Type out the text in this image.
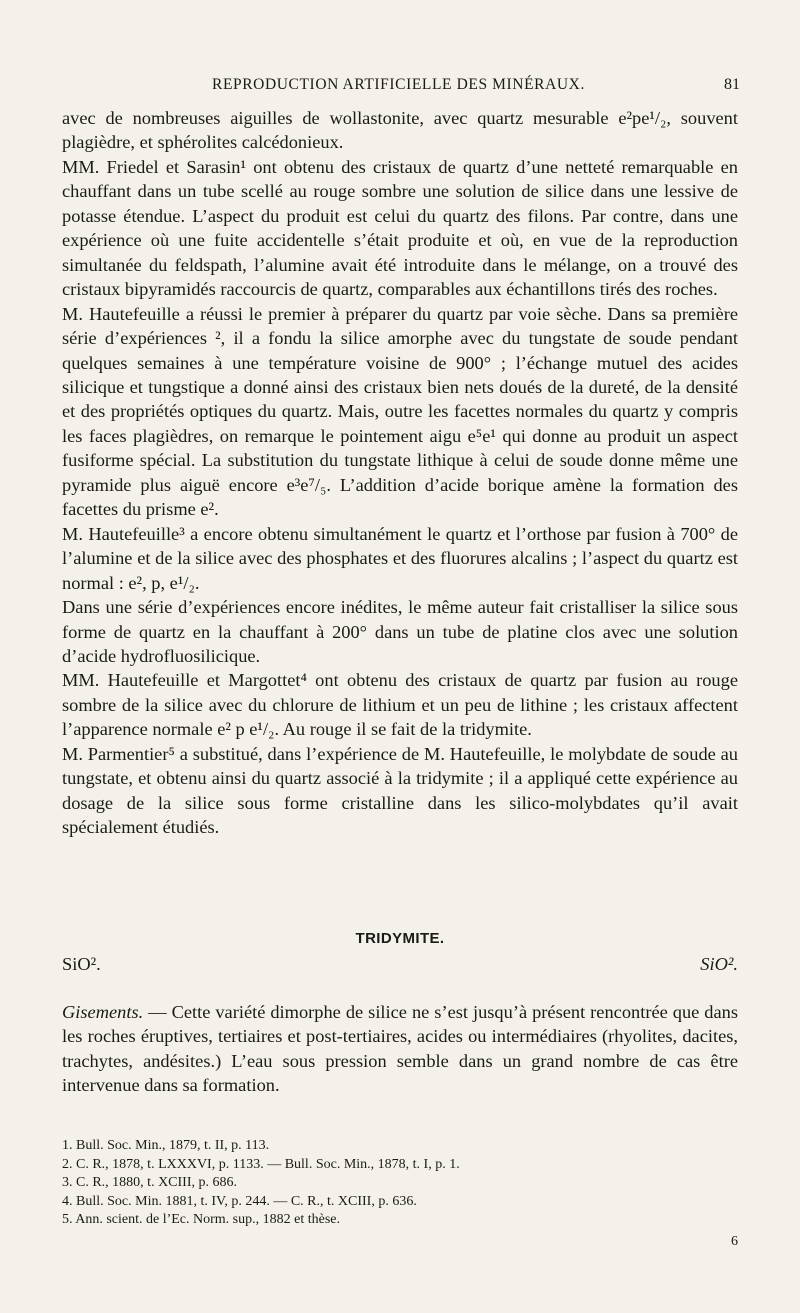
REPRODUCTION ARTIFICIELLE DES MINÉRAUX.	81

avec de nombreuses aiguilles de wollastonite, avec quartz mesurable e²pe¹/₂, souvent plagièdre, et sphérolites calcédonieux.

MM. Friedel et Sarasin¹ ont obtenu des cristaux de quartz d’une netteté remarquable en chauffant dans un tube scellé au rouge sombre une solution de silice dans une lessive de potasse étendue. L’aspect du produit est celui du quartz des filons. Par contre, dans une expérience où une fuite accidentelle s’était produite et où, en vue de la reproduction simultanée du feldspath, l’alumine avait été introduite dans le mélange, on a trouvé des cristaux bipyramidés raccourcis de quartz, comparables aux échantillons tirés des roches.

M. Hautefeuille a réussi le premier à préparer du quartz par voie sèche. Dans sa première série d’expériences ², il a fondu la silice amorphe avec du tungstate de soude pendant quelques semaines à une température voisine de 900° ; l’échange mutuel des acides silicique et tungstique a donné ainsi des cristaux bien nets doués de la dureté, de la densité et des propriétés optiques du quartz. Mais, outre les facettes normales du quartz y compris les faces plagièdres, on remarque le pointement aigu e⁵e¹ qui donne au produit un aspect fusiforme spécial. La substitution du tungstate lithique à celui de soude donne même une pyramide plus aiguë encore e³e⁷/₅. L’addition d’acide borique amène la formation des facettes du prisme e².

M. Hautefeuille³ a encore obtenu simultanément le quartz et l’orthose par fusion à 700° de l’alumine et de la silice avec des phosphates et des fluorures alcalins ; l’aspect du quartz est normal : e², p, e¹/₂.

Dans une série d’expériences encore inédites, le même auteur fait cristalliser la silice sous forme de quartz en la chauffant à 200° dans un tube de platine clos avec une solution d’acide hydrofluosilicique.

MM. Hautefeuille et Margottet⁴ ont obtenu des cristaux de quartz par fusion au rouge sombre de la silice avec du chlorure de lithium et un peu de lithine ; les cristaux affectent l’apparence normale e² p e¹/₂. Au rouge il se fait de la tridymite.

M. Parmentier⁵ a substitué, dans l’expérience de M. Hautefeuille, le molybdate de soude au tungstate, et obtenu ainsi du quartz associé à la tridymite ; il a appliqué cette expérience au dosage de la silice sous forme cristalline dans les silico-molybdates qu’il avait spécialement étudiés.

TRIDYMITE.
SiO².	SiO².
Gisements. — Cette variété dimorphe de silice ne s’est jusqu’à présent rencontrée que dans les roches éruptives, tertiaires et post-tertiaires, acides ou intermédiaires (rhyolites, dacites, trachytes, andésites.) L’eau sous pression semble dans un grand nombre de cas être intervenue dans sa formation.
1. Bull. Soc. Min., 1879, t. II, p. 113.
2. C. R., 1878, t. LXXXVI, p. 1133. — Bull. Soc. Min., 1878, t. I, p. 1.
3. C. R., 1880, t. XCIII, p. 686.
4. Bull. Soc. Min. 1881, t. IV, p. 244. — C. R., t. XCIII, p. 636.
5. Ann. scient. de l’Ec. Norm. sup., 1882 et thèse.
6
